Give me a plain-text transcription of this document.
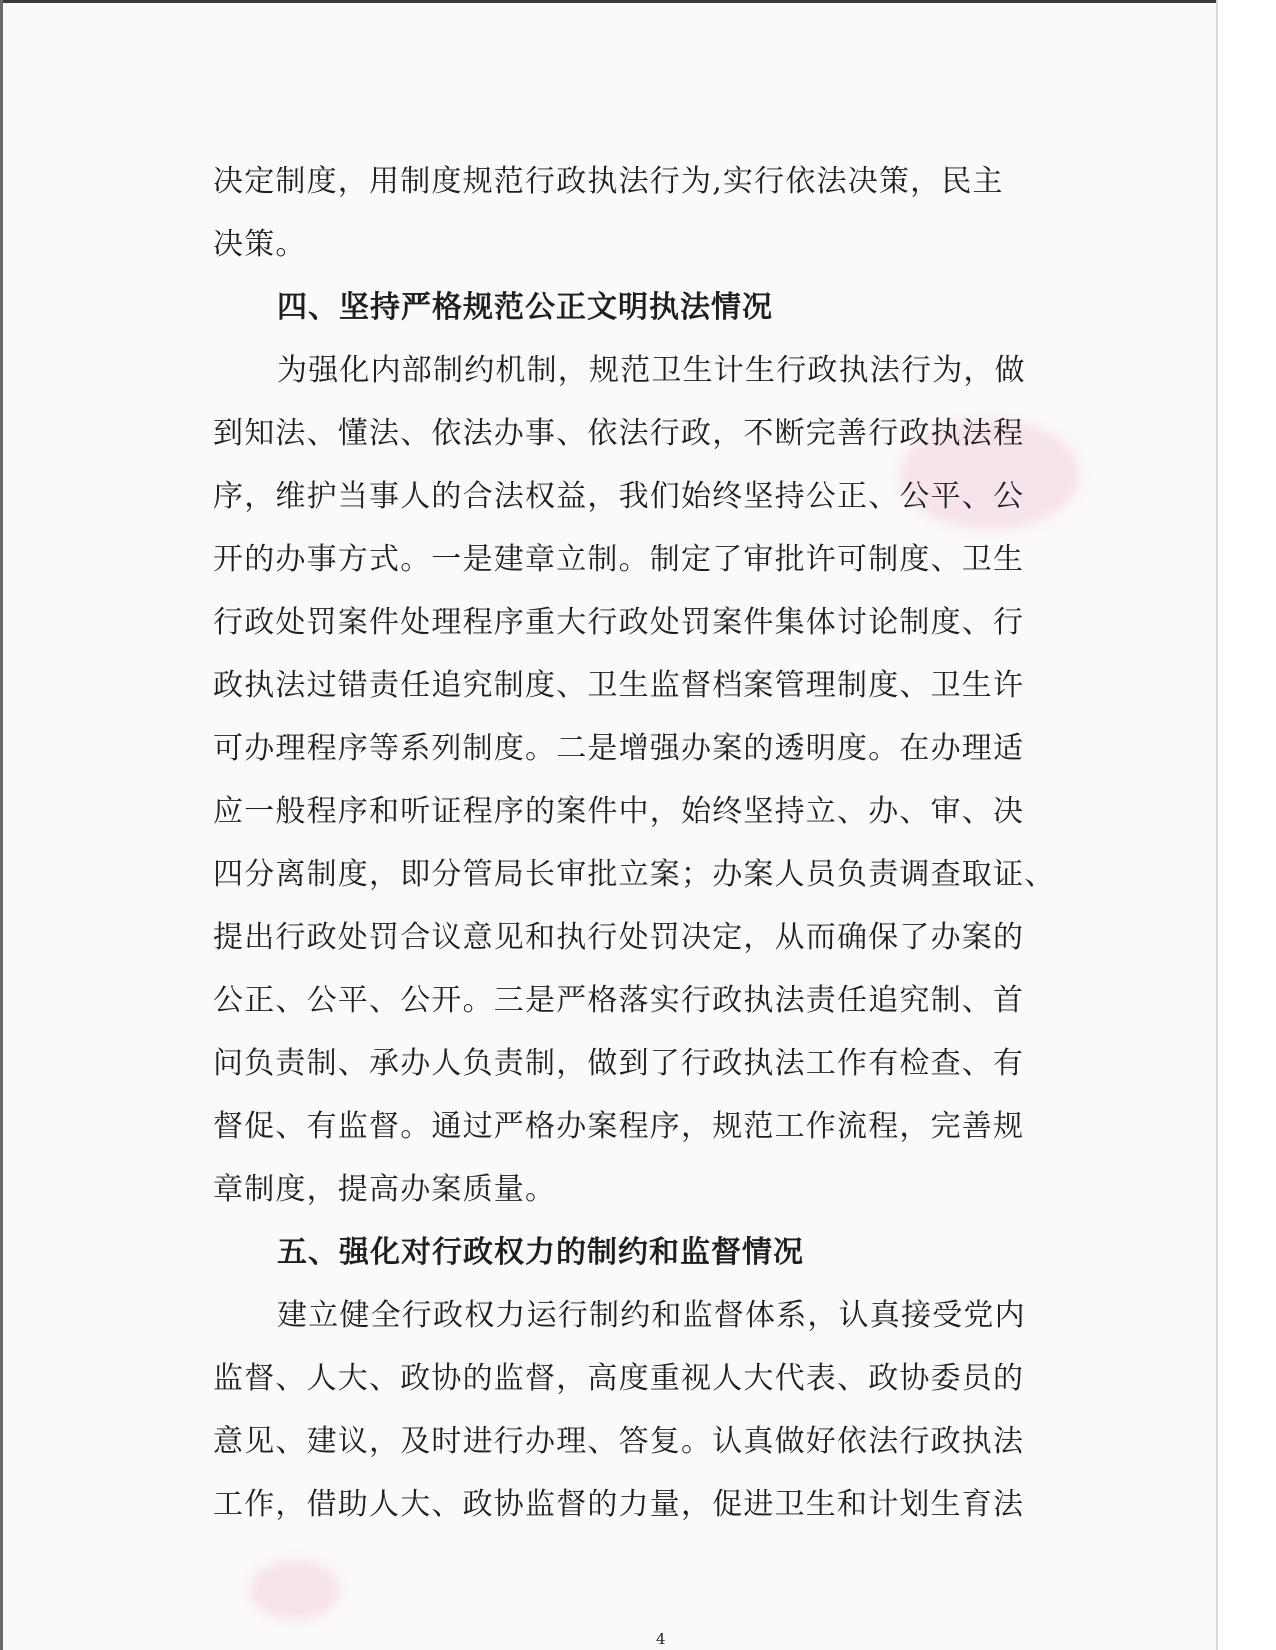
决定制度，用制度规范行政执法行为,实行依法决策，民主
决策。
四、坚持严格规范公正文明执法情况
为强化内部制约机制，规范卫生计生行政执法行为，做
到知法、懂法、依法办事、依法行政，不断完善行政执法程
序，维护当事人的合法权益，我们始终坚持公正、公平、公
开的办事方式。一是建章立制。制定了审批许可制度、卫生
行政处罚案件处理程序重大行政处罚案件集体讨论制度、行
政执法过错责任追究制度、卫生监督档案管理制度、卫生许
可办理程序等系列制度。二是增强办案的透明度。在办理适
应一般程序和听证程序的案件中，始终坚持立、办、审、决
四分离制度，即分管局长审批立案；办案人员负责调查取证、
提出行政处罚合议意见和执行处罚决定，从而确保了办案的
公正、公平、公开。三是严格落实行政执法责任追究制、首
问负责制、承办人负责制，做到了行政执法工作有检查、有
督促、有监督。通过严格办案程序，规范工作流程，完善规
章制度，提高办案质量。
五、强化对行政权力的制约和监督情况
建立健全行政权力运行制约和监督体系，认真接受党内
监督、人大、政协的监督，高度重视人大代表、政协委员的
意见、建议，及时进行办理、答复。认真做好依法行政执法
工作，借助人大、政协监督的力量，促进卫生和计划生育法
4
